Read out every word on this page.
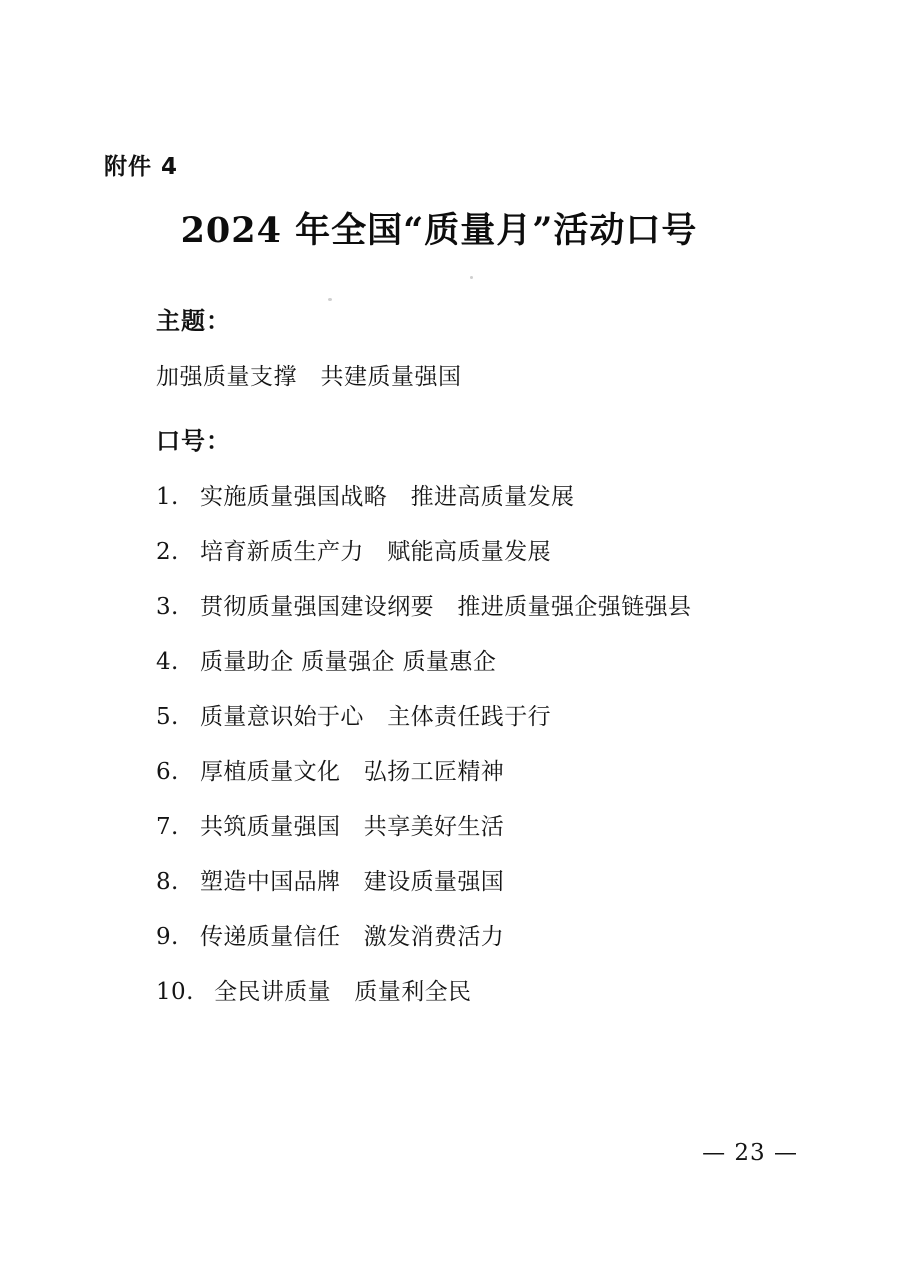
附件 4
2024 年全国“质量月”活动口号
主题：
加强质量支撑　共建质量强国
口号：
1. 实施质量强国战略　推进高质量发展
2. 培育新质生产力　赋能高质量发展
3. 贯彻质量强国建设纲要　推进质量强企强链强县
4. 质量助企 质量强企 质量惠企
5. 质量意识始于心　主体责任践于行
6. 厚植质量文化　弘扬工匠精神
7. 共筑质量强国　共享美好生活
8. 塑造中国品牌　建设质量强国
9. 传递质量信任　激发消费活力
10. 全民讲质量　质量利全民
— 23 —
